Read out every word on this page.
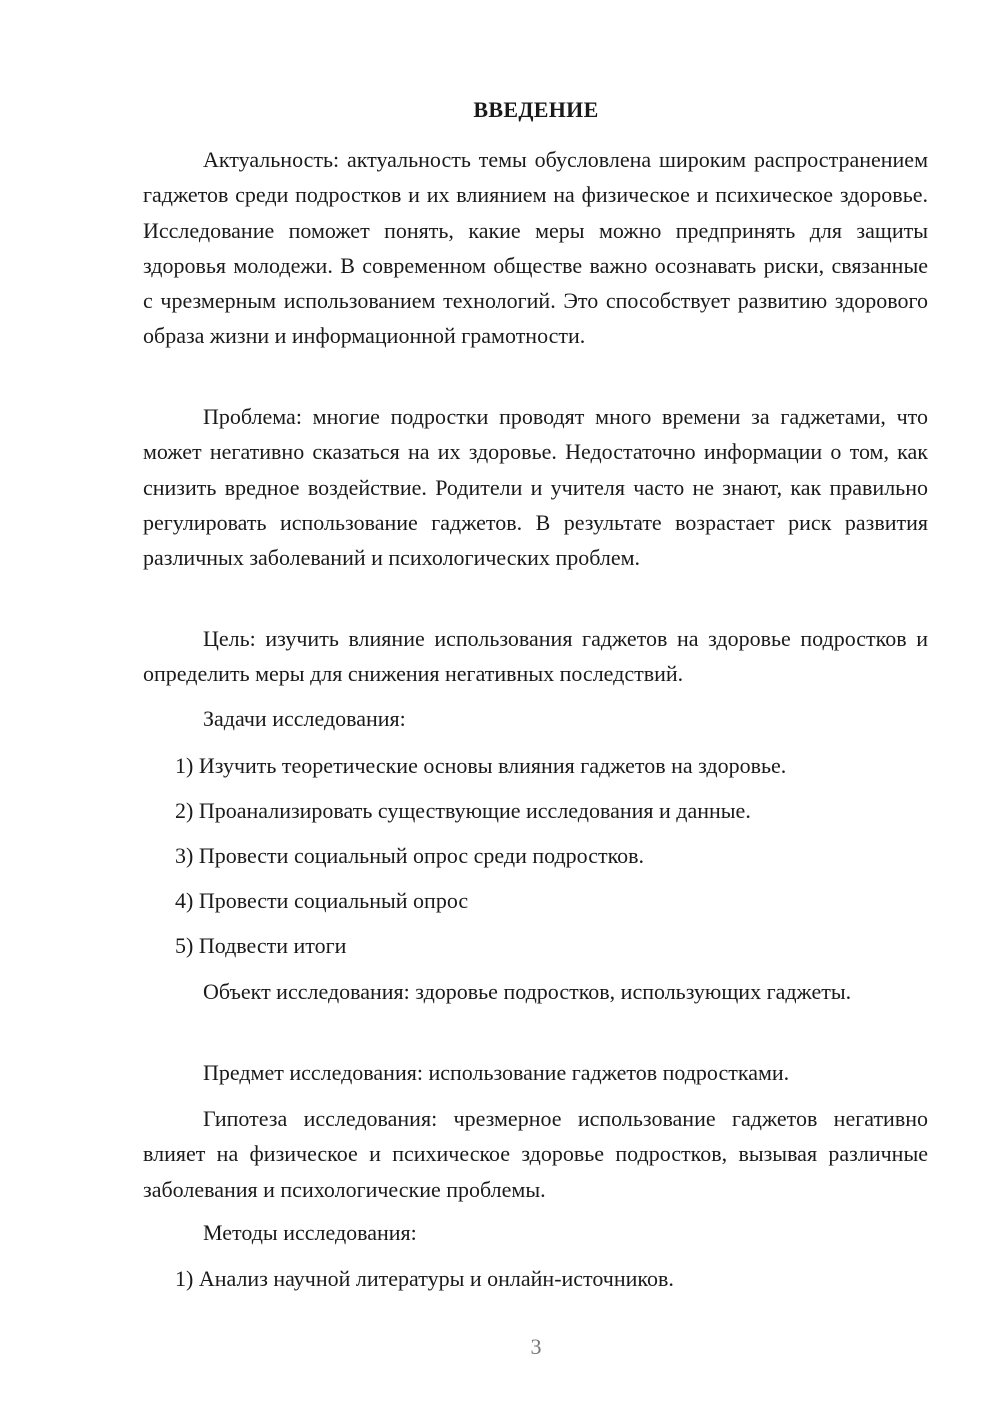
ВВЕДЕНИЕ

Актуальность: актуальность темы обусловлена широким распространением гаджетов среди подростков и их влиянием на физическое и психическое здоровье. Исследование поможет понять, какие меры можно предпринять для защиты здоровья молодежи. В современном обществе важно осознавать риски, связанные с чрезмерным использованием технологий. Это способствует развитию здорового образа жизни и информационной грамотности.

Проблема: многие подростки проводят много времени за гаджетами, что может негативно сказаться на их здоровье. Недостаточно информации о том, как снизить вредное воздействие. Родители и учителя часто не знают, как правильно регулировать использование гаджетов. В результате возрастает риск развития различных заболеваний и психологических проблем.

Цель: изучить влияние использования гаджетов на здоровье подростков и определить меры для снижения негативных последствий.

Задачи исследования:

1) Изучить теоретические основы влияния гаджетов на здоровье.

2) Проанализировать существующие исследования и данные.

3) Провести социальный опрос среди подростков.

4) Провести социальный опрос

5) Подвести итоги

Объект исследования: здоровье подростков, использующих гаджеты.

Предмет исследования: использование гаджетов подростками.

Гипотеза исследования: чрезмерное использование гаджетов негативно влияет на физическое и психическое здоровье подростков, вызывая различные заболевания и психологические проблемы.

Методы исследования:

1) Анализ научной литературы и онлайн-источников.

3
